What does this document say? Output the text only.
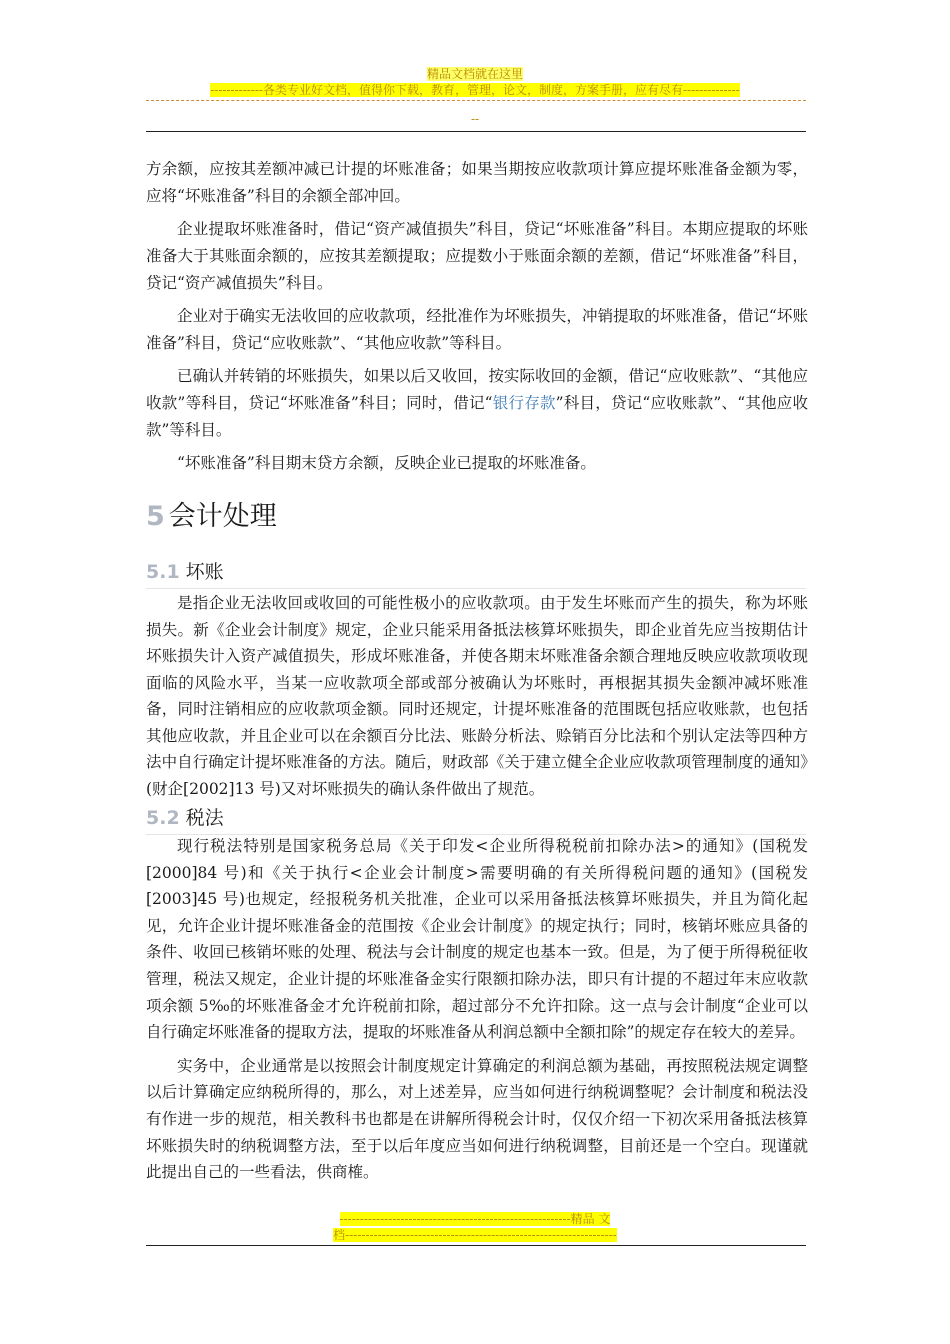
精品文档就在这里
-------------各类专业好文档，值得你下载，教育，管理，论文，制度，方案手册，应有尽有--------------
--

方余额，应按其差额冲减已计提的坏账准备；如果当期按应收款项计算应提坏账准备金额为零，应将“坏账准备”科目的余额全部冲回。

企业提取坏账准备时，借记“资产减值损失”科目，贷记“坏账准备”科目。本期应提取的坏账准备大于其账面余额的，应按其差额提取；应提数小于账面余额的差额，借记“坏账准备”科目，贷记“资产减值损失”科目。

企业对于确实无法收回的应收款项，经批准作为坏账损失，冲销提取的坏账准备，借记“坏账准备”科目，贷记“应收账款”、“其他应收款”等科目。

已确认并转销的坏账损失，如果以后又收回，按实际收回的金额，借记“应收账款”、“其他应收款”等科目，贷记“坏账准备”科目；同时，借记“银行存款”科目，贷记“应收账款”、“其他应收款”等科目。

“坏账准备”科目期末贷方余额，反映企业已提取的坏账准备。

5 会计处理
5.1 坏账

是指企业无法收回或收回的可能性极小的应收款项。由于发生坏账而产生的损失，称为坏账损失。新《企业会计制度》规定，企业只能采用备抵法核算坏账损失，即企业首先应当按期估计坏账损失计入资产减值损失，形成坏账准备，并使各期末坏账准备余额合理地反映应收款项收现面临的风险水平，当某一应收款项全部或部分被确认为坏账时，再根据其损失金额冲减坏账准备，同时注销相应的应收款项金额。同时还规定，计提坏账准备的范围既包括应收账款，也包括其他应收款，并且企业可以在余额百分比法、账龄分析法、赊销百分比法和个别认定法等四种方法中自行确定计提坏账准备的方法。随后，财政部《关于建立健全企业应收款项管理制度的通知》(财企[2002]13 号)又对坏账损失的确认条件做出了规范。

5.2 税法

现行税法特别是国家税务总局《关于印发<企业所得税税前扣除办法>的通知》(国税发[2000]84 号)和《关于执行<企业会计制度>需要明确的有关所得税问题的通知》(国税发[2003]45 号)也规定，经报税务机关批准，企业可以采用备抵法核算坏账损失，并且为简化起见，允许企业计提坏账准备金的范围按《企业会计制度》的规定执行；同时，核销坏账应具备的条件、收回已核销坏账的处理、税法与会计制度的规定也基本一致。但是，为了便于所得税征收管理，税法又规定，企业计提的坏账准备金实行限额扣除办法，即只有计提的不超过年末应收款项余额 5‰的坏账准备金才允许税前扣除，超过部分不允许扣除。这一点与会计制度“企业可以自行确定坏账准备的提取方法，提取的坏账准备从利润总额中全额扣除”的规定存在较大的差异。

实务中，企业通常是以按照会计制度规定计算确定的利润总额为基础，再按照税法规定调整以后计算确定应纳税所得的，那么，对上述差异，应当如何进行纳税调整呢？会计制度和税法没有作进一步的规范，相关教科书也都是在讲解所得税会计时，仅仅介绍一下初次采用备抵法核算坏账损失时的纳税调整方法，至于以后年度应当如何进行纳税调整，目前还是一个空白。现谨就此提出自己的一些看法，供商榷。

---------------------------------------------------------精品 文
档-------------------------------------------------------------------
